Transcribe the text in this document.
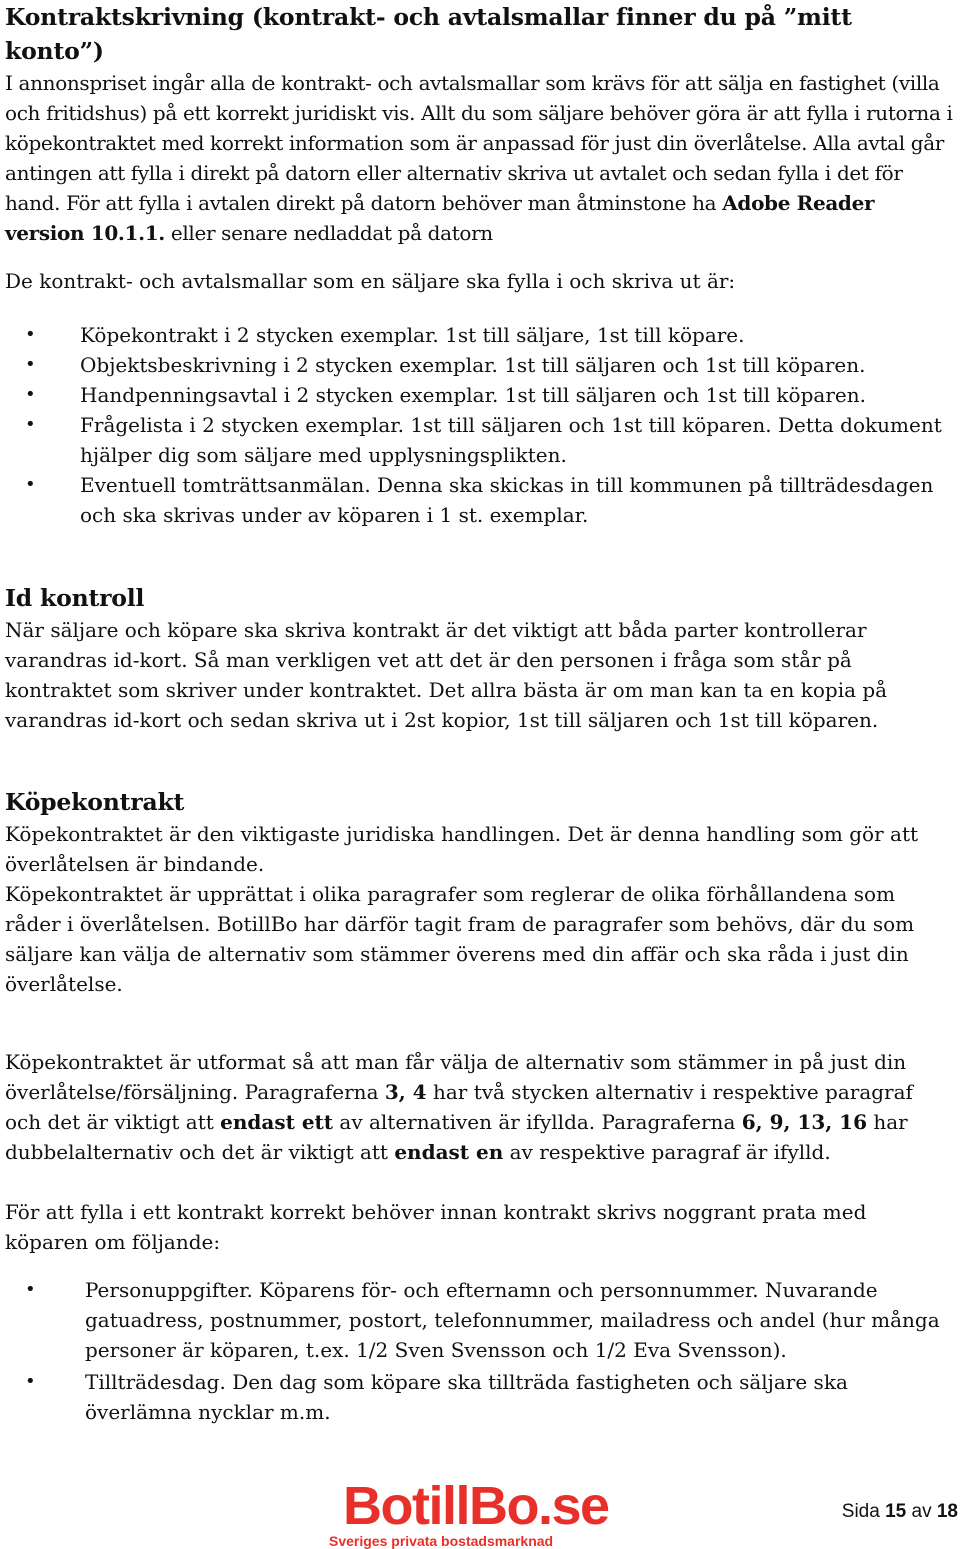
Kontraktskrivning (kontrakt- och avtalsmallar finner du på ”mitt konto”)

I annonspriset ingår alla de kontrakt- och avtalsmallar som krävs för att sälja en fastighet (villa och fritidshus) på ett korrekt juridiskt vis. Allt du som säljare behöver göra är att fylla i rutorna i köpekontraktet med korrekt information som är anpassad för just din överlåtelse. Alla avtal går antingen att fylla i direkt på datorn eller alternativ skriva ut avtalet och sedan fylla i det för hand. För att fylla i avtalen direkt på datorn behöver man åtminstone ha Adobe Reader version 10.1.1. eller senare nedladdat på datorn

De kontrakt- och avtalsmallar som en säljare ska fylla i och skriva ut är:

• Köpekontrakt i 2 stycken exemplar. 1st till säljare, 1st till köpare.
• Objektsbeskrivning i 2 stycken exemplar. 1st till säljaren och 1st till köparen.
• Handpenningsavtal i 2 stycken exemplar. 1st till säljaren och 1st till köparen.
• Frågelista i 2 stycken exemplar. 1st till säljaren och 1st till köparen. Detta dokument hjälper dig som säljare med upplysningsplikten.
• Eventuell tomträttsanmälan. Denna ska skickas in till kommunen på tillträdesdagen och ska skrivas under av köparen i 1 st. exemplar.
Id kontroll

När säljare och köpare ska skriva kontrakt är det viktigt att båda parter kontrollerar varandras id-kort. Så man verkligen vet att det är den personen i fråga som står på kontraktet som skriver under kontraktet. Det allra bästa är om man kan ta en kopia på varandras id-kort och sedan skriva ut i 2st kopior, 1st till säljaren och 1st till köparen.

Köpekontrakt

Köpekontraktet är den viktigaste juridiska handlingen. Det är denna handling som gör att överlåtelsen är bindande.

Köpekontraktet är upprättat i olika paragrafer som reglerar de olika förhållandena som råder i överlåtelsen. BotillBo har därför tagit fram de paragrafer som behövs, där du som säljare kan välja de alternativ som stämmer överens med din affär och ska råda i just din överlåtelse.

Köpekontraktet är utformat så att man får välja de alternativ som stämmer in på just din överlåtelse/försäljning. Paragraferna 3, 4 har två stycken alternativ i respektive paragraf och det är viktigt att endast ett av alternativen är ifyllda. Paragraferna 6, 9, 13, 16 har dubbelalternativ och det är viktigt att endast en av respektive paragraf är ifylld.

För att fylla i ett kontrakt korrekt behöver innan kontrakt skrivs noggrant prata med köparen om följande:

• Personuppgifter. Köparens för- och efternamn och personnummer. Nuvarande gatuadress, postnummer, postort, telefonnummer, mailadress och andel (hur många personer är köparen, t.ex. 1/2 Sven Svensson och 1/2 Eva Svensson).
• Tillträdesdag. Den dag som köpare ska tillträda fastigheten och säljare ska överlämna nycklar m.m.
BotillBo.se
Sveriges privata bostadsmarknad
Sida 15 av 18
